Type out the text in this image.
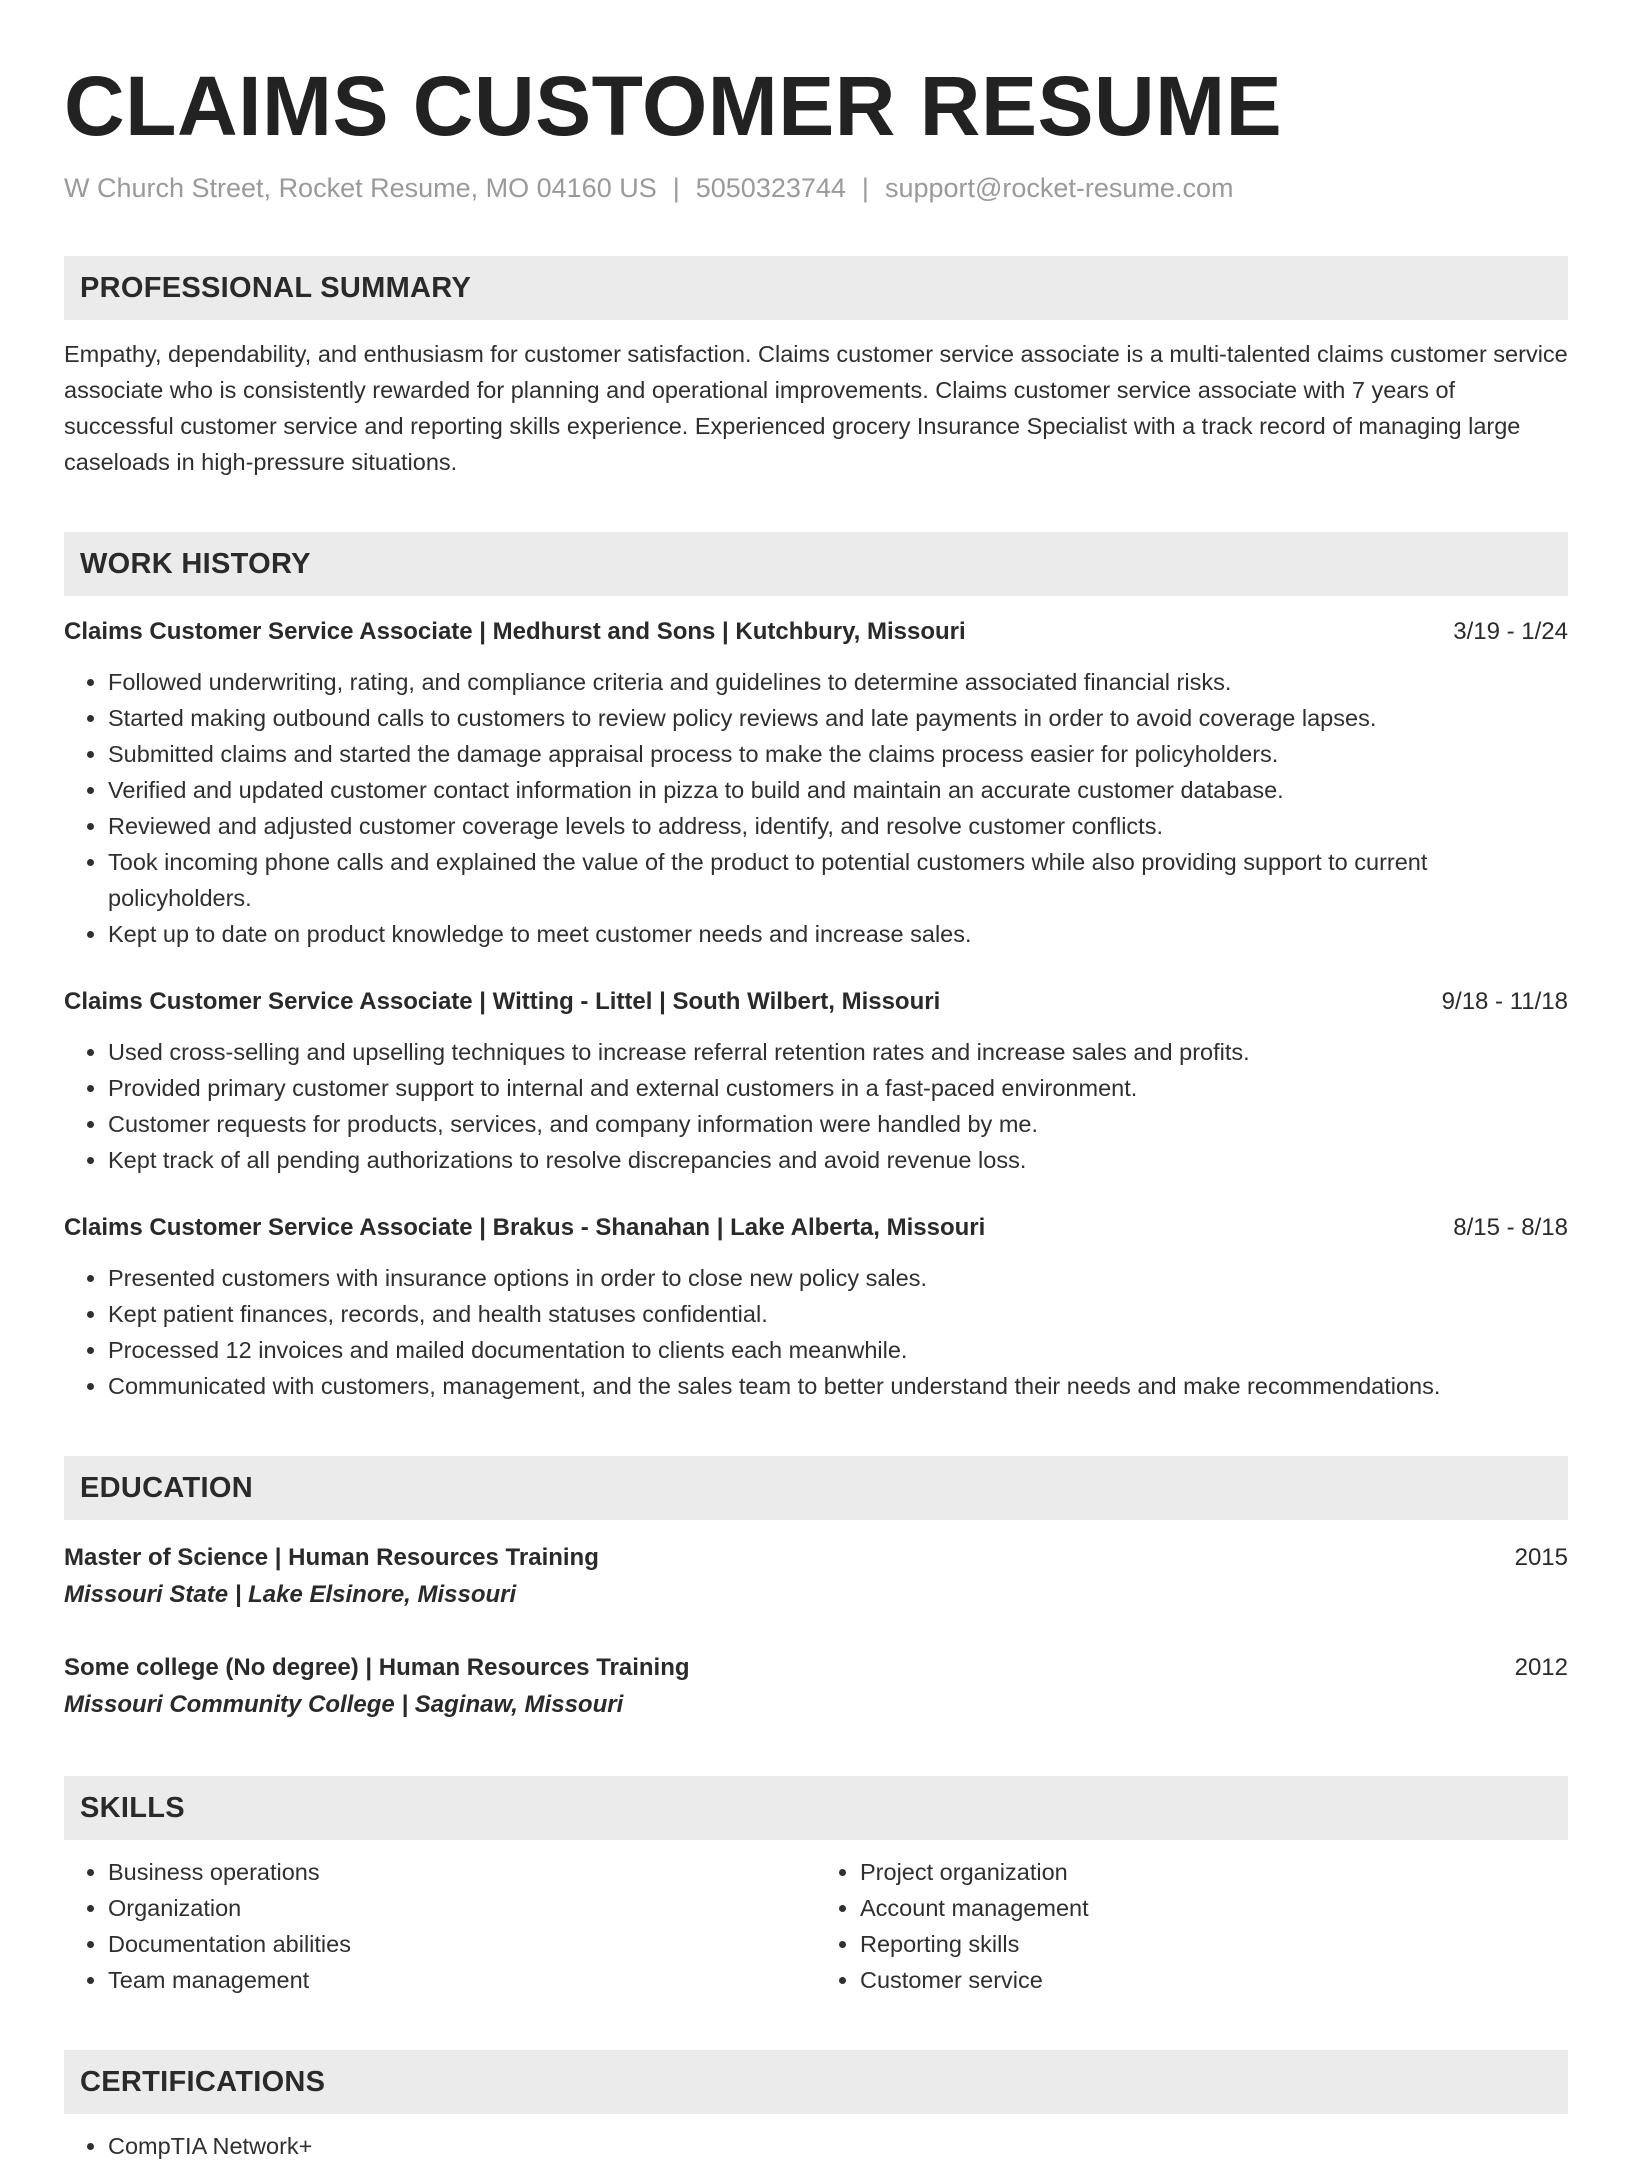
CLAIMS CUSTOMER RESUME
W Church Street, Rocket Resume, MO 04160 US | 5050323744 | support@rocket-resume.com
PROFESSIONAL SUMMARY
Empathy, dependability, and enthusiasm for customer satisfaction. Claims customer service associate is a multi-talented claims customer service associate who is consistently rewarded for planning and operational improvements. Claims customer service associate with 7 years of successful customer service and reporting skills experience. Experienced grocery Insurance Specialist with a track record of managing large caseloads in high-pressure situations.
WORK HISTORY
Claims Customer Service Associate | Medhurst and Sons | Kutchbury, Missouri	3/19 - 1/24
• Followed underwriting, rating, and compliance criteria and guidelines to determine associated financial risks.
• Started making outbound calls to customers to review policy reviews and late payments in order to avoid coverage lapses.
• Submitted claims and started the damage appraisal process to make the claims process easier for policyholders.
• Verified and updated customer contact information in pizza to build and maintain an accurate customer database.
• Reviewed and adjusted customer coverage levels to address, identify, and resolve customer conflicts.
• Took incoming phone calls and explained the value of the product to potential customers while also providing support to current policyholders.
• Kept up to date on product knowledge to meet customer needs and increase sales.
Claims Customer Service Associate | Witting - Littel | South Wilbert, Missouri	9/18 - 11/18
• Used cross-selling and upselling techniques to increase referral retention rates and increase sales and profits.
• Provided primary customer support to internal and external customers in a fast-paced environment.
• Customer requests for products, services, and company information were handled by me.
• Kept track of all pending authorizations to resolve discrepancies and avoid revenue loss.
Claims Customer Service Associate | Brakus - Shanahan | Lake Alberta, Missouri	8/15 - 8/18
• Presented customers with insurance options in order to close new policy sales.
• Kept patient finances, records, and health statuses confidential.
• Processed 12 invoices and mailed documentation to clients each meanwhile.
• Communicated with customers, management, and the sales team to better understand their needs and make recommendations.
EDUCATION
Master of Science | Human Resources Training	2015
Missouri State | Lake Elsinore, Missouri
Some college (No degree) | Human Resources Training	2012
Missouri Community College | Saginaw, Missouri
SKILLS
• Business operations
• Organization
• Documentation abilities
• Team management
• Project organization
• Account management
• Reporting skills
• Customer service
CERTIFICATIONS
• CompTIA Network+
